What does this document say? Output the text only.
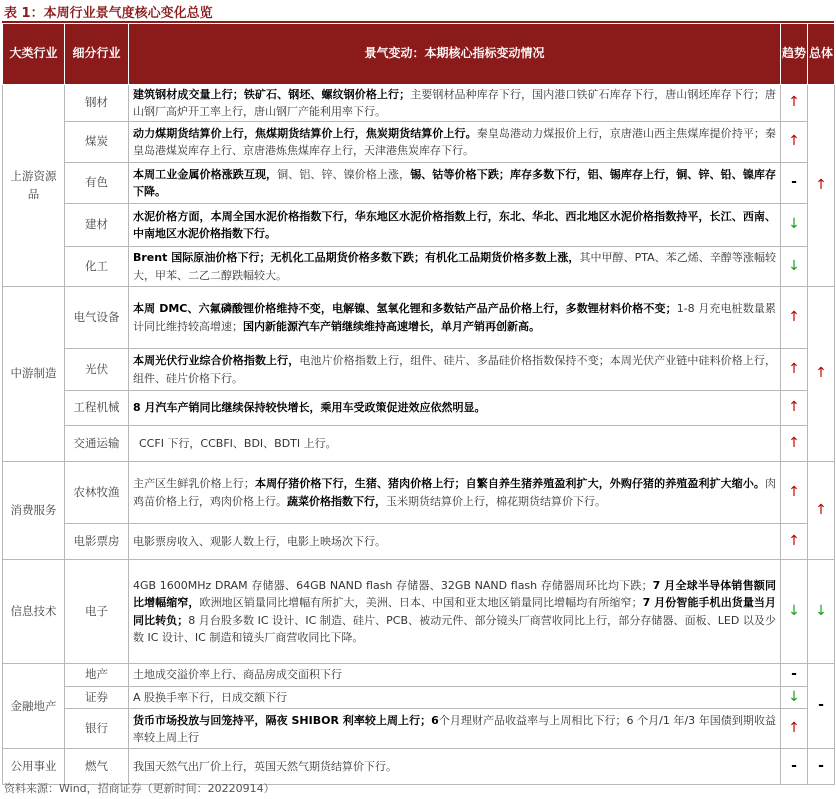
表 1：本周行业景气度核心变化总览
大类行业	细分行业	景气变动：本期核心指标变动情况	趋势	总体
上游资源品	钢材	建筑钢材成交量上行；铁矿石、钢坯、螺纹钢价格上行；主要钢材品种库存下行，国内港口铁矿石库存下行，唐山钢坯库存下行；唐山钢厂高炉开工率上行，唐山钢厂产能利用率下行。	↑	↑
	煤炭	动力煤期货结算价上行，焦煤期货结算价上行，焦炭期货结算价上行。秦皇岛港动力煤报价上行，京唐港山西主焦煤库提价持平；秦皇岛港煤炭库存上行、京唐港炼焦煤库存上行，天津港焦炭库存下行。	↑	
	有色	本周工业金属价格涨跌互现，铜、铝、锌、镍价格上涨，锡、钴等价格下跌；库存多数下行，铝、锡库存上行，铜、锌、铅、镍库存下降。	-	
	建材	水泥价格方面，本周全国水泥价格指数下行，华东地区水泥价格指数上行，东北、华北、西北地区水泥价格指数持平，长江、西南、中南地区水泥价格指数下行。	↓	
	化工	Brent 国际原油价格下行；无机化工品期货价格多数下跌；有机化工品期货价格多数上涨，其中甲醇、PTA、苯乙烯、辛醇等涨幅较大，甲苯、二乙二醇跌幅较大。	↓	
中游制造	电气设备	本周 DMC、六氟磷酸锂价格维持不变，电解镍、氢氧化锂和多数钴产品产品价格上行，多数锂材料价格不变；1-8 月充电桩数量累计同比维持较高增速；国内新能源汽车产销继续维持高速增长，单月产销再创新高。	↑	↑
	光伏	本周光伏行业综合价格指数上行，电池片价格指数上行，组件、硅片、多晶硅价格指数保持不变；本周光伏产业链中硅料价格上行，组件、硅片价格下行。	↑	
	工程机械	8 月汽车产销同比继续保持较快增长，乘用车受政策促进效应依然明显。	↑	
	交通运输	CCFI 下行，CCBFI、BDI、BDTI 上行。	↑	
消费服务	农林牧渔	主产区生鲜乳价格上行；本周仔猪价格下行，生猪、猪肉价格上行；自繁自养生猪养殖盈利扩大，外购仔猪的养殖盈利扩大缩小。肉鸡苗价格上行，鸡肉价格上行。蔬菜价格指数下行，玉米期货结算价上行，棉花期货结算价下行。	↑	↑
	电影票房	电影票房收入、观影人数上行，电影上映场次下行。	↑	
信息技术	电子	4GB 1600MHz DRAM 存储器、64GB NAND flash 存储器、32GB NAND flash 存储器周环比均下跌；7 月全球半导体销售额同比增幅缩窄，欧洲地区销量同比增幅有所扩大，美洲、日本、中国和亚太地区销量同比增幅均有所缩窄；7 月份智能手机出货量当月同比转负；8 月台股多数 IC 设计、IC 制造、硅片、PCB、被动元件、部分镜头厂商营收同比上行，部分存储器、面板、LED 以及少数 IC 设计、IC 制造和镜头厂商营收同比下降。	↓	↓
金融地产	地产	土地成交溢价率上行、商品房成交面积下行	-	-
	证券	A 股换手率下行，日成交额下行	↓	
	银行	货币市场投放与回笼持平，隔夜 SHIBOR 利率较上周上行；6个月理财产品收益率与上周相比下行；6 个月/1 年/3 年国债到期收益率较上周上行	↑	
公用事业	燃气	我国天然气出厂价上行，英国天然气期货结算价下行。	-	-
资料来源：Wind，招商证券（更新时间：20220914）
